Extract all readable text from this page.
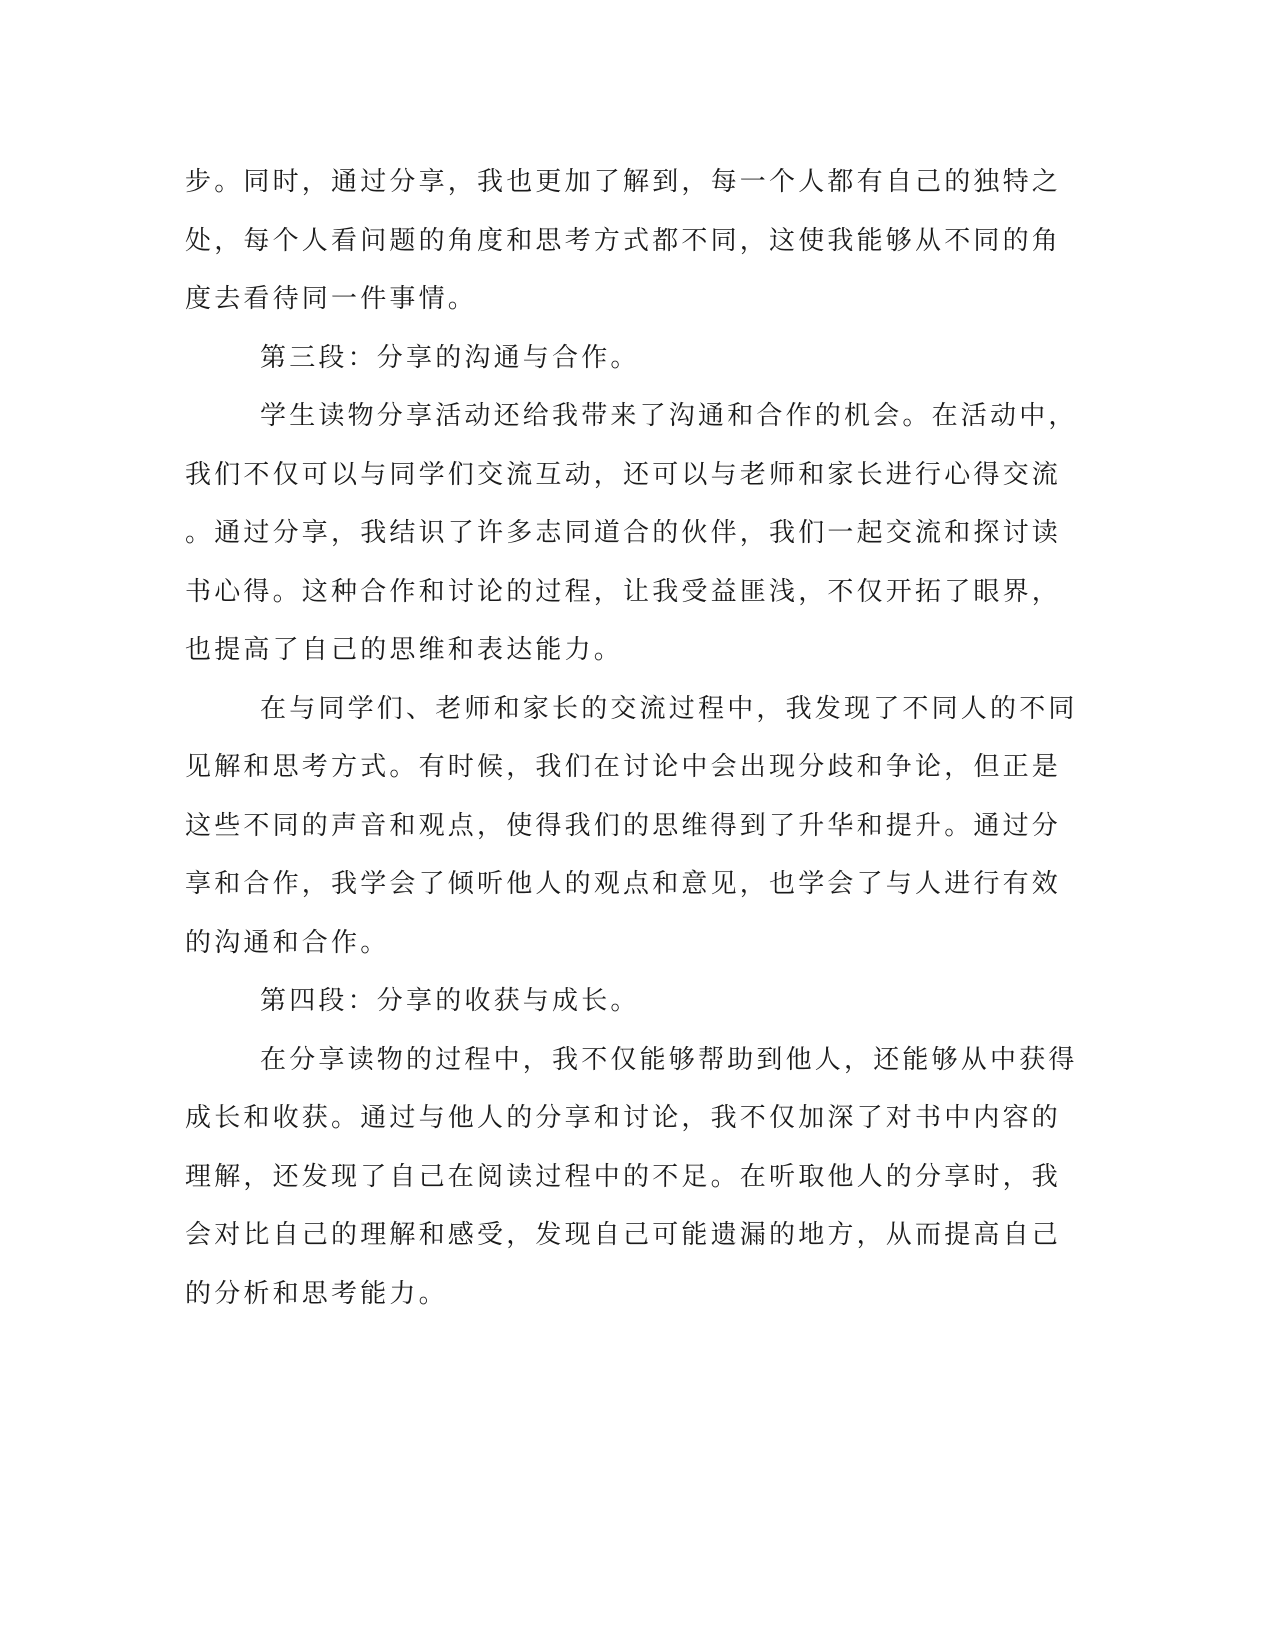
步。同时，通过分享，我也更加了解到，每一个人都有自己的独特之
处，每个人看问题的角度和思考方式都不同，这使我能够从不同的角
度去看待同一件事情。
第三段：分享的沟通与合作。
学生读物分享活动还给我带来了沟通和合作的机会。在活动中，
我们不仅可以与同学们交流互动，还可以与老师和家长进行心得交流
。通过分享，我结识了许多志同道合的伙伴，我们一起交流和探讨读
书心得。这种合作和讨论的过程，让我受益匪浅，不仅开拓了眼界，
也提高了自己的思维和表达能力。
在与同学们、老师和家长的交流过程中，我发现了不同人的不同
见解和思考方式。有时候，我们在讨论中会出现分歧和争论，但正是
这些不同的声音和观点，使得我们的思维得到了升华和提升。通过分
享和合作，我学会了倾听他人的观点和意见，也学会了与人进行有效
的沟通和合作。
第四段：分享的收获与成长。
在分享读物的过程中，我不仅能够帮助到他人，还能够从中获得
成长和收获。通过与他人的分享和讨论，我不仅加深了对书中内容的
理解，还发现了自己在阅读过程中的不足。在听取他人的分享时，我
会对比自己的理解和感受，发现自己可能遗漏的地方，从而提高自己
的分析和思考能力。
